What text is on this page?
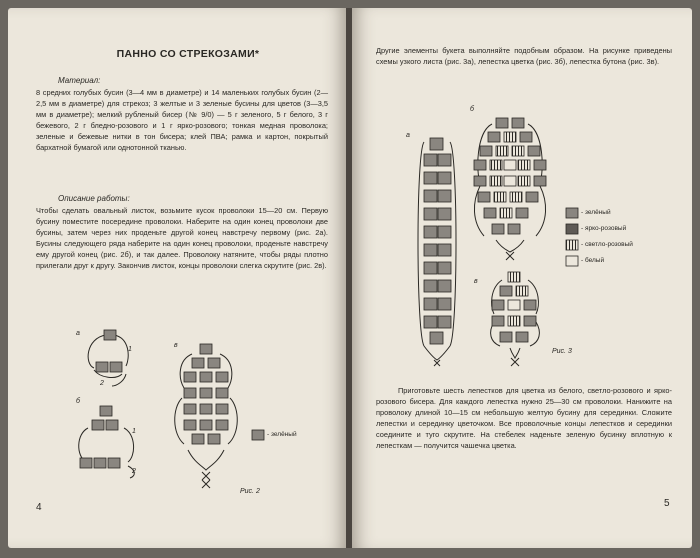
ПАННО СО СТРЕКОЗАМИ*
Материал:
8 средних голубых бусин (3—4 мм в диаметре) и 14 маленьких голубых бусин (2—2,5 мм в диаметре) для стрекоз; 3 желтые и 3 зеленые бусины для цветов (3—3,5 мм в диаметре); мелкий рубленый бисер (№ 9/0) — 5 г зеленого, 5 г белого, 3 г бежевого, 2 г бледно-розового и 1 г ярко-розового; тонкая медная проволока; зеленые и бежевые нитки в тон бисера; клей ПВА; рамка и картон, покрытый бархатной бумагой или однотонной тканью.
Описание работы:
Чтобы сделать овальный листок, возьмите кусок проволоки 15—20 см. Первую бусину поместите посередине проволоки. Наберите на один конец проволоки две бусины, затем через них проденьте другой конец навстречу первому (рис. 2а). Бусины следующего ряда наберите на один конец проволоки, проденьте навстречу ему другой конец (рис. 2б), и так далее. Проволоку натяните, чтобы ряды плотно прилегали друг к другу. Закончив листок, концы проволоки слегка скрутите (рис. 2в).
а
1
2
б
1
2
в
- зелёный
Рис. 2
4
Другие элементы букета выполняйте подобным образом. На рисунке приведены схемы узкого листа (рис. 3а), лепестка цветка (рис. 3б), лепестка бутона (рис. 3в).
а
б
- зелёный
- ярко-розовый
- светло-розовый
- белый
в
Рис. 3
Приготовьте шесть лепестков для цветка из белого, светло-розового и ярко-розового бисера. Для каждого лепестка нужно 25—30 см проволоки. Нанижите на проволоку длиной 10—15 см небольшую желтую бусину для серединки. Сложите лепестки и серединку цветочком. Все проволочные концы лепестков и серединки соедините и туго скрутите. На стебелек наденьте зеленую бусинку вплотную к лепесткам — получится чашечка цветка.
5
